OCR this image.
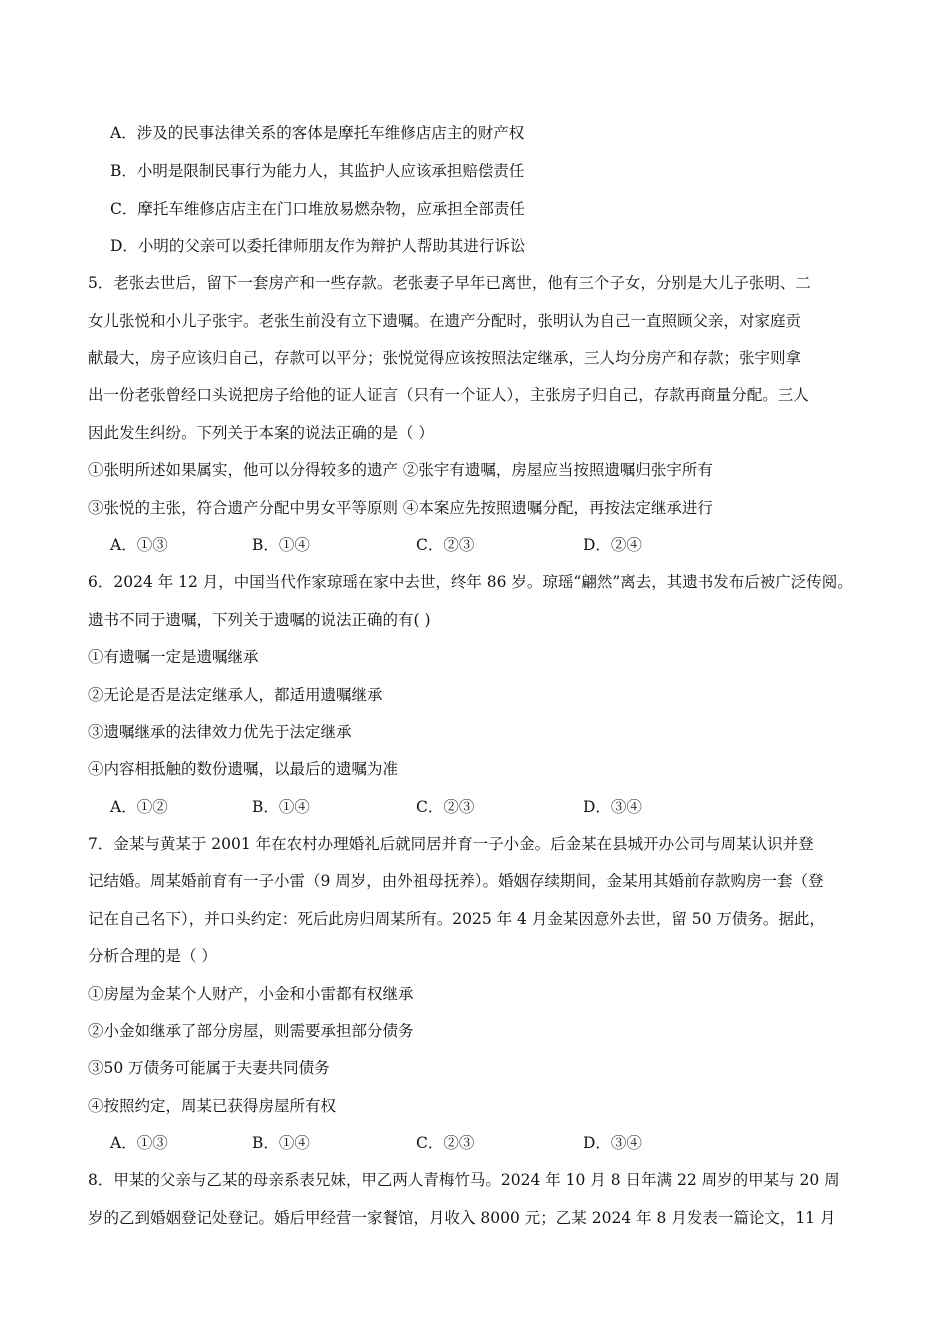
A．涉及的民事法律关系的客体是摩托车维修店店主的财产权
B．小明是限制民事行为能力人，其监护人应该承担赔偿责任
C．摩托车维修店店主在门口堆放易燃杂物，应承担全部责任
D．小明的父亲可以委托律师朋友作为辩护人帮助其进行诉讼
5．老张去世后，留下一套房产和一些存款。老张妻子早年已离世，他有三个子女，分别是大儿子张明、二
女儿张悦和小儿子张宇。老张生前没有立下遗嘱。在遗产分配时，张明认为自己一直照顾父亲，对家庭贡
献最大，房子应该归自己，存款可以平分；张悦觉得应该按照法定继承，三人均分房产和存款；张宇则拿
出一份老张曾经口头说把房子给他的证人证言（只有一个证人），主张房子归自己，存款再商量分配。三人
因此发生纠纷。下列关于本案的说法正确的是（ ）
①张明所述如果属实，他可以分得较多的遗产 ②张宇有遗嘱，房屋应当按照遗嘱归张宇所有
③张悦的主张，符合遗产分配中男女平等原则 ④本案应先按照遗嘱分配，再按法定继承进行
A．①③	B．①④	C．②③	D．②④
6．2024 年 12 月，中国当代作家琼瑶在家中去世，终年 86 岁。琼瑶“翩然”离去，其遗书发布后被广泛传阅。
遗书不同于遗嘱，下列关于遗嘱的说法正确的有( )
①有遗嘱一定是遗嘱继承
②无论是否是法定继承人，都适用遗嘱继承
③遗嘱继承的法律效力优先于法定继承
④内容相抵触的数份遗嘱，以最后的遗嘱为准
A．①②	B．①④	C．②③	D．③④
7．金某与黄某于 2001 年在农村办理婚礼后就同居并育一子小金。后金某在县城开办公司与周某认识并登
记结婚。周某婚前育有一子小雷（9 周岁，由外祖母抚养）。婚姻存续期间，金某用其婚前存款购房一套（登
记在自己名下），并口头约定：死后此房归周某所有。2025 年 4 月金某因意外去世，留 50 万债务。据此，
分析合理的是（ ）
①房屋为金某个人财产，小金和小雷都有权继承
②小金如继承了部分房屋，则需要承担部分债务
③50 万债务可能属于夫妻共同债务
④按照约定，周某已获得房屋所有权
A．①③	B．①④	C．②③	D．③④
8．甲某的父亲与乙某的母亲系表兄妹，甲乙两人青梅竹马。2024 年 10 月 8 日年满 22 周岁的甲某与 20 周
岁的乙到婚姻登记处登记。婚后甲经营一家餐馆，月收入 8000 元；乙某 2024 年 8 月发表一篇论文，11 月
